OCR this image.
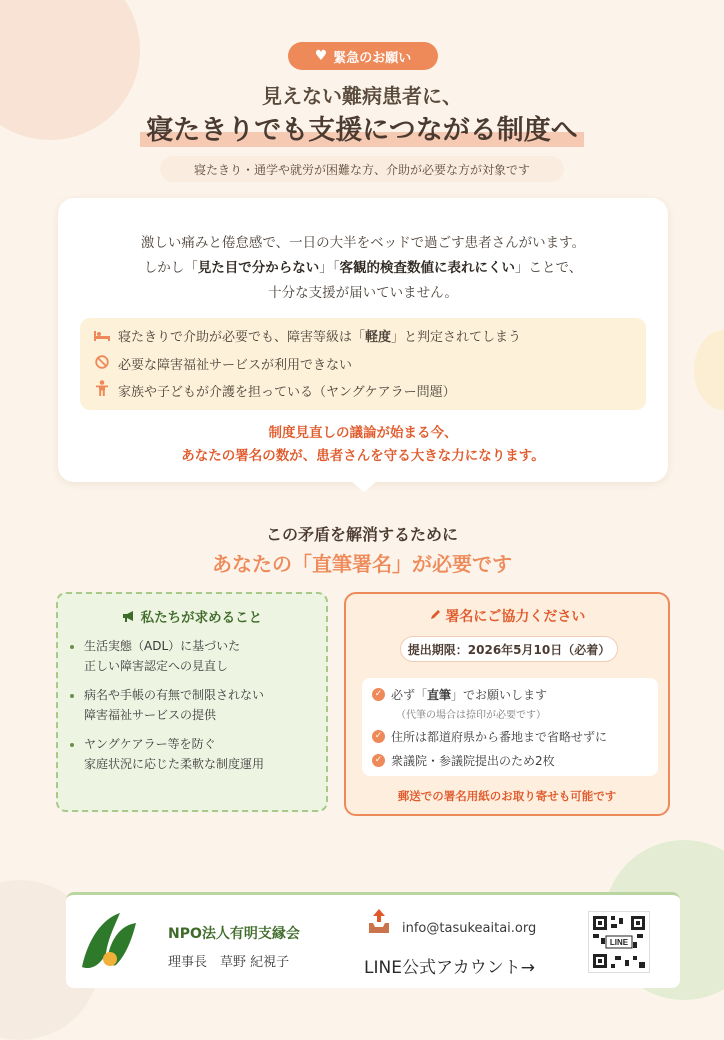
♥ 緊急のお願い
見えない難病患者に、
寝たきりでも支援につながる制度へ
寝たきり・通学や就労が困難な方、介助が必要な方が対象です
激しい痛みと倦怠感で、一日の大半をベッドで過ごす患者さんがいます。
しかし「見た目で分からない」「客観的検査数値に表れにくい」ことで、
十分な支援が届いていません。
寝たきりで介助が必要でも、障害等級は「軽度」と判定されてしまう
必要な障害福祉サービスが利用できない
家族や子どもが介護を担っている（ヤングケアラー問題）
制度見直しの議論が始まる今、
あなたの署名の数が、患者さんを守る大きな力になります。
この矛盾を解消するために
あなたの「直筆署名」が必要です
私たちが求めること
• 生活実態（ADL）に基づいた
正しい障害認定への見直し
• 病名や手帳の有無で制限されない
障害福祉サービスの提供
• ヤングケアラー等を防ぐ
家庭状況に応じた柔軟な制度運用
署名にご協力ください
提出期限：2026年5月10日（必着）
✓ 必ず「直筆」でお願いします
（代筆の場合は捺印が必要です）
✓ 住所は都道府県から番地まで省略せずに
✓ 衆議院・参議院提出のため2枚
郵送での署名用紙のお取り寄せも可能です
NPO法人有明支縁会
理事長　草野 紀視子
info@tasukeaitai.org
LINE公式アカウント→
LINE
